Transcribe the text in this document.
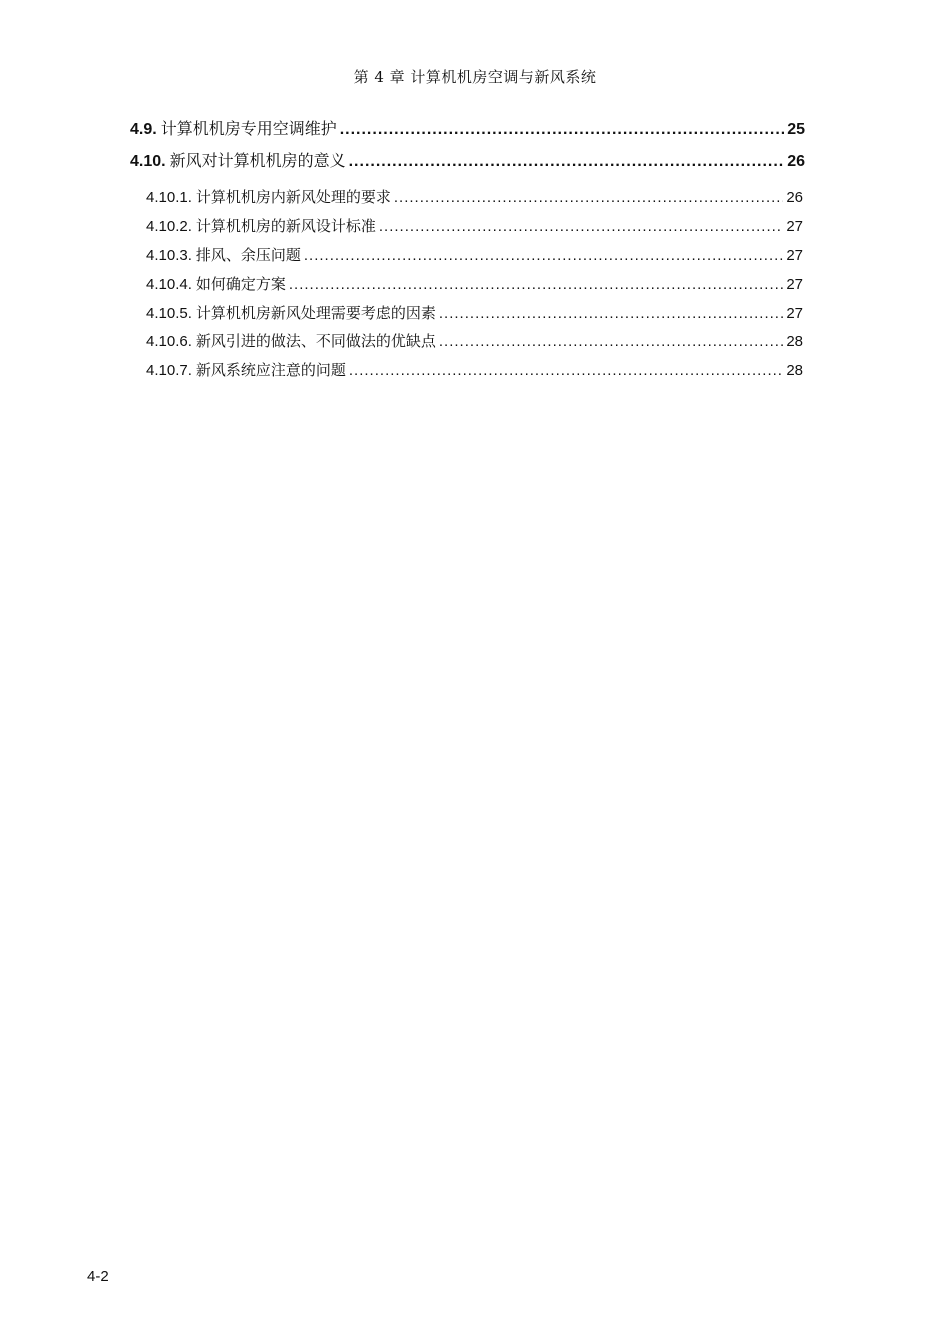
第 4 章 计算机机房空调与新风系统
4.9. 计算机机房专用空调维护 .....	25
4.10. 新风对计算机机房的意义 .....	26
4.10.1. 计算机机房内新风处理的要求 .....	26
4.10.2. 计算机机房的新风设计标准 .....	27
4.10.3. 排风、余压问题 .....	27
4.10.4. 如何确定方案 .....	27
4.10.5. 计算机机房新风处理需要考虑的因素 .....	27
4.10.6. 新风引进的做法、不同做法的优缺点 .....	28
4.10.7. 新风系统应注意的问题 .....	28
4-2
